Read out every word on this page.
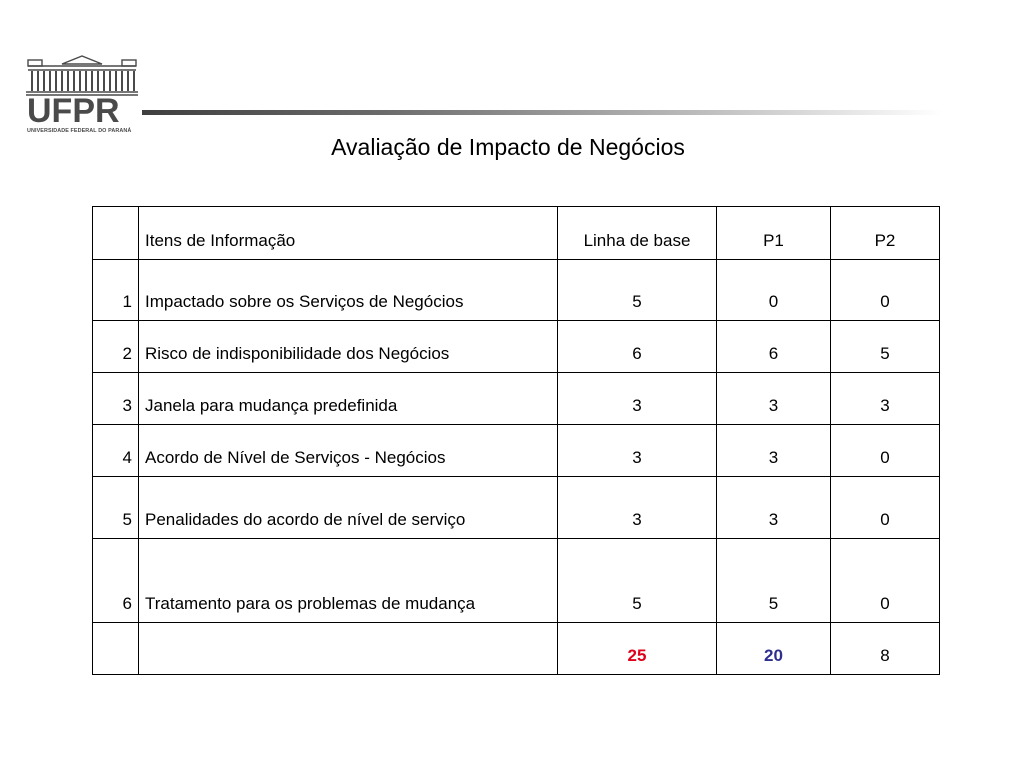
UFPR
UNIVERSIDADE FEDERAL DO PARANÁ
Avaliação de Impacto de Negócios
	Itens de Informação	Linha de base	P1	P2
1	Impactado sobre os Serviços de Negócios	5	0	0
2	Risco de indisponibilidade dos Negócios	6	6	5
3	Janela para mudança predefinida	3	3	3
4	Acordo de Nível de Serviços - Negócios	3	3	0
5	Penalidades do acordo de nível de serviço	3	3	0
6	Tratamento para os problemas de mudança	5	5	0
		25	20	8
